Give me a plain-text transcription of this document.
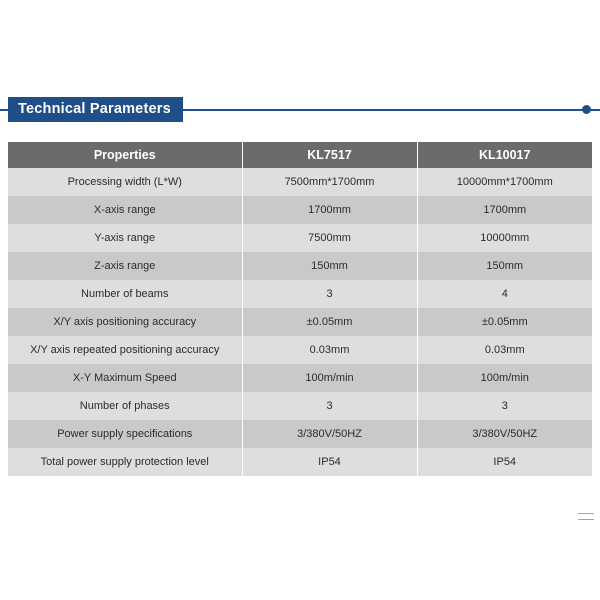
Technical Parameters
Properties	KL7517	KL10017
Processing width (L*W)	7500mm*1700mm	10000mm*1700mm
X-axis range	1700mm	1700mm
Y-axis range	7500mm	10000mm
Z-axis range	150mm	150mm
Number of beams	3	4
X/Y axis positioning accuracy	±0.05mm	±0.05mm
X/Y axis repeated positioning accuracy	0.03mm	0.03mm
X-Y Maximum Speed	100m/min	100m/min
Number of phases	3	3
Power supply specifications	3/380V/50HZ	3/380V/50HZ
Total power supply protection level	IP54	IP54
